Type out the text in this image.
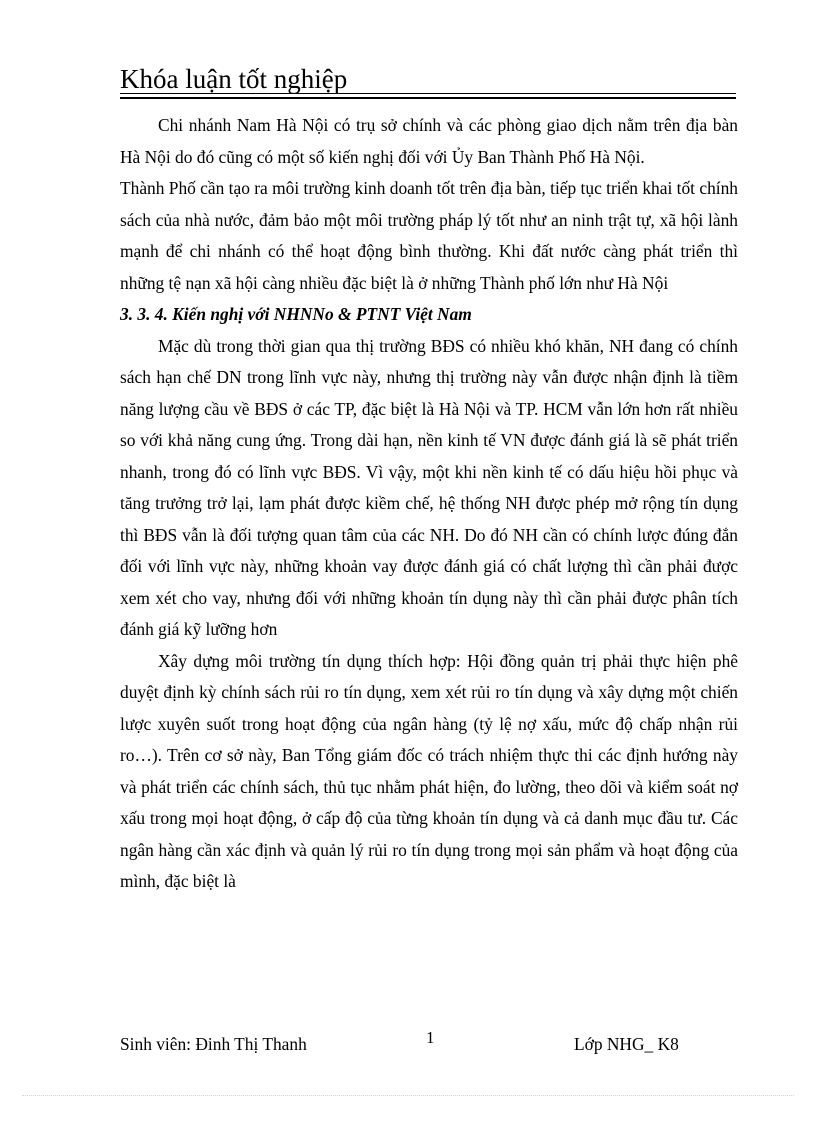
Khóa luận tốt nghiệp

Chi nhánh Nam Hà Nội có trụ sở chính và các phòng giao dịch nằm trên địa bàn Hà Nội do đó cũng có một số kiến nghị đối với Ủy Ban Thành Phố Hà Nội.

Thành Phố cần tạo ra môi trường kinh doanh tốt trên địa bàn, tiếp tục triển khai tốt chính sách của nhà nước, đảm bảo một môi trường pháp lý tốt như an ninh trật tự, xã hội lành mạnh để chi nhánh có thể hoạt động bình thường. Khi đất nước càng phát triển thì những tệ nạn xã hội càng nhiều đặc biệt là ở những Thành phố lớn như Hà Nội

3. 3. 4. Kiến nghị với NHNNo & PTNT Việt Nam

Mặc dù trong thời gian qua thị trường BĐS có nhiều khó khăn, NH đang có chính sách hạn chế DN trong lĩnh vực này, nhưng thị trường này vẫn được nhận định là tiềm năng lượng cầu về BĐS ở các TP, đặc biệt là Hà Nội và TP. HCM vẫn lớn hơn rất nhiều so với khả năng cung ứng. Trong dài hạn, nền kinh tế VN được đánh giá là sẽ phát triển nhanh, trong đó có lĩnh vực BĐS. Vì vậy, một khi nền kinh tế có dấu hiệu hồi phục và tăng trưởng trở lại, lạm phát được kiềm chế, hệ thống NH được phép mở rộng tín dụng thì BĐS vẫn là đối tượng quan tâm của các NH. Do đó NH cần có chính lược đúng đắn đối với lĩnh vực này, những khoản vay được đánh giá có chất lượng thì cần phải được xem xét cho vay, nhưng đối với những khoản tín dụng này thì cần phải được phân tích đánh giá kỹ lưỡng hơn

Xây dựng môi trường tín dụng thích hợp: Hội đồng quản trị phải thực hiện phê duyệt định kỳ chính sách rủi ro tín dụng, xem xét rủi ro tín dụng và xây dựng một chiến lược xuyên suốt trong hoạt động của ngân hàng (tỷ lệ nợ xấu, mức độ chấp nhận rủi ro…). Trên cơ sở này, Ban Tổng giám đốc có trách nhiệm thực thi các định hướng này và phát triển các chính sách, thủ tục nhằm phát hiện, đo lường, theo dõi và kiểm soát nợ xấu trong mọi hoạt động, ở cấp độ của từng khoản tín dụng và cả danh mục đầu tư. Các ngân hàng cần xác định và quản lý rủi ro tín dụng trong mọi sản phẩm và hoạt động của mình, đặc biệt là

Sinh viên: Đinh Thị Thanh	1	Lớp NHG_ K8
